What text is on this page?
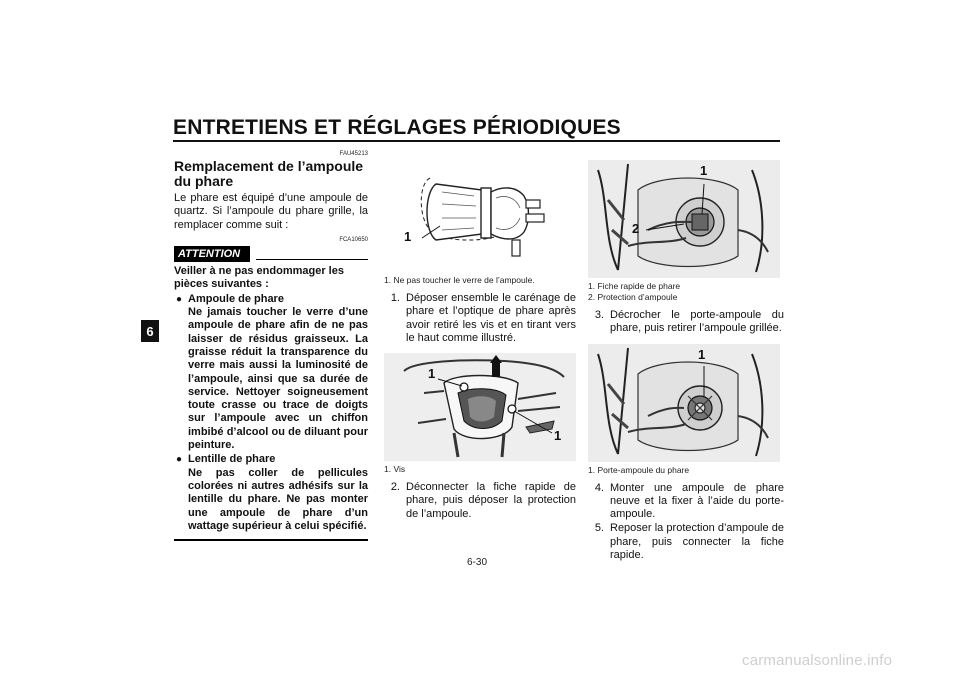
ENTRETIENS ET RÉGLAGES PÉRIODIQUES
6
FAU45213
Remplacement de l’ampoule du phare
Le phare est équipé d’une ampoule de quartz. Si l’ampoule du phare grille, la remplacer comme suit :
FCA10650
ATTENTION
Veiller à ne pas endommager les pièces suivantes :
● Ampoule de phare
Ne jamais toucher le verre d’une ampoule de phare afin de ne pas laisser de résidus graisseux. La graisse réduit la transparence du verre mais aussi la luminosité de l’ampoule, ainsi que sa durée de service. Nettoyer soigneusement toute crasse ou trace de doigts sur l’ampoule avec un chiffon imbibé d’alcool ou de diluant pour peinture.
● Lentille de phare
Ne pas coller de pellicules colorées ni autres adhésifs sur la lentille du phare. Ne pas monter une ampoule de phare d’un wattage supérieur à celui spécifié.
1
1. Ne pas toucher le verre de l’ampoule.
1. Déposer ensemble le carénage de phare et l’optique de phare après avoir retiré les vis et en tirant vers le haut comme illustré.
1
1
1. Vis
2. Déconnecter la fiche rapide de phare, puis déposer la protection de l’ampoule.
1
2
1. Fiche rapide de phare
2. Protection d’ampoule
3. Décrocher le porte-ampoule du phare, puis retirer l’ampoule grillée.
1
1. Porte-ampoule du phare
4. Monter une ampoule de phare neuve et la fixer à l’aide du porte-ampoule.
5. Reposer la protection d’ampoule de phare, puis connecter la fiche rapide.
6-30
carmanualsonline.info
